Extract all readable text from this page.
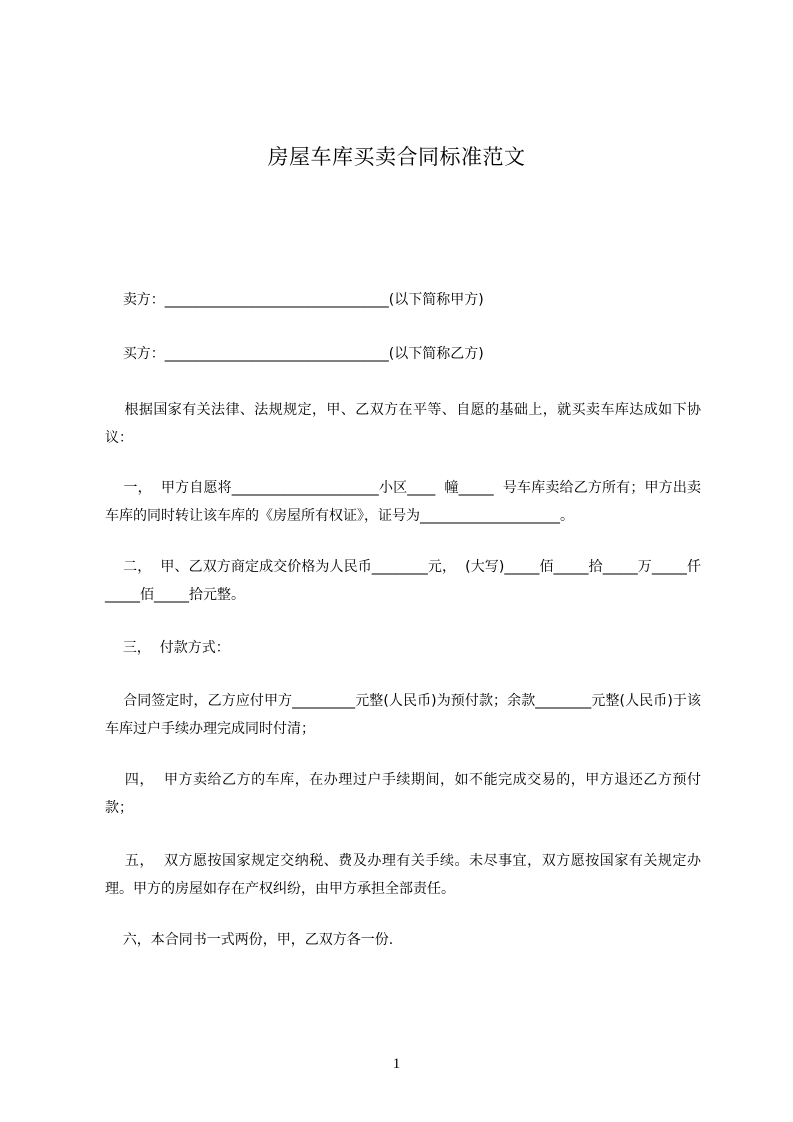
房屋车库买卖合同标准范文
卖方：________________________________(以下简称甲方)
买方：________________________________(以下简称乙方)
根据国家有关法律、法规规定，甲、乙双方在平等、自愿的基础上，就买卖车库达成如下协议：
一，  甲方自愿将_____________________小区____  幢_____  号车库卖给乙方所有；甲方出卖车库的同时转让该车库的《房屋所有权证》，证号为____________________。
二，  甲、乙双方商定成交价格为人民币________元，  (大写)_____佰_____拾_____万_____仟_____佰_____拾元整。
三，  付款方式：
合同签定时，乙方应付甲方_________元整(人民币)为预付款；余款________元整(人民币)于该车库过户手续办理完成同时付清；
四，  甲方卖给乙方的车库，在办理过户手续期间，如不能完成交易的，甲方退还乙方预付款；
五，  双方愿按国家规定交纳税、费及办理有关手续。未尽事宜，双方愿按国家有关规定办理。甲方的房屋如存在产权纠纷，由甲方承担全部责任。
六，本合同书一式两份，甲，乙双方各一份.
1
